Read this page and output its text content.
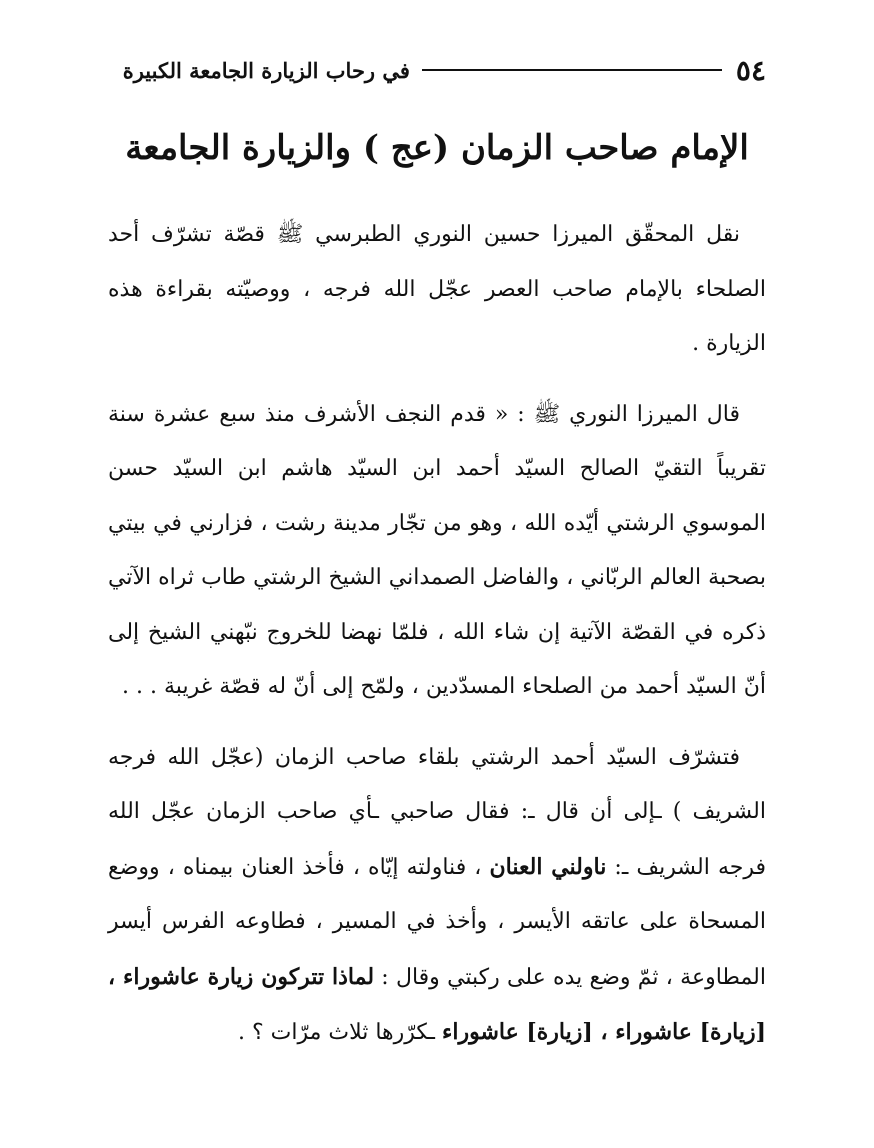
٥٤
في رحاب الزيارة الجامعة الكبيرة
الإمام صاحب الزمان (عج ) والزيارة الجامعة

نقل المحقّق الميرزا حسين النوري الطبرسي ﷺ قصّة تشرّف أحد الصلحاء بالإمام صاحب العصر عجّل الله فرجه ، ووصيّته بقراءة هذه الزيارة .

قال الميرزا النوري ﷺ : « قدم النجف الأشرف منذ سبع عشرة سنة تقريباً التقيّ الصالح السيّد أحمد ابن السيّد هاشم ابن السيّد حسن الموسوي الرشتي أيّده الله ، وهو من تجّار مدينة رشت ، فزارني في بيتي بصحبة العالم الربّاني ، والفاضل الصمداني الشيخ الرشتي طاب ثراه الآتي ذكره في القصّة الآتية إن شاء الله ، فلمّا نهضا للخروج نبّهني الشيخ إلى أنّ السيّد أحمد من الصلحاء المسدّدين ، ولمّح إلى أنّ له قصّة غريبة . . .

فتشرّف السيّد أحمد الرشتي بلقاء صاحب الزمان (عجّل الله فرجه الشريف ) ـإلى أن قال ـ: فقال صاحبي ـأي صاحب الزمان عجّل الله فرجه الشريف ـ: ناولني العنان ، فناولته إيّاه ، فأخذ العنان بيمناه ، ووضع المسحاة على عاتقه الأيسر ، وأخذ في المسير ، فطاوعه الفرس أيسر المطاوعة ، ثمّ وضع يده على ركبتي وقال : لماذا تتركون زيارة عاشوراء ، [زيارة] عاشوراء ، [زيارة] عاشوراء ـكرّرها ثلاث مرّات ؟ .
